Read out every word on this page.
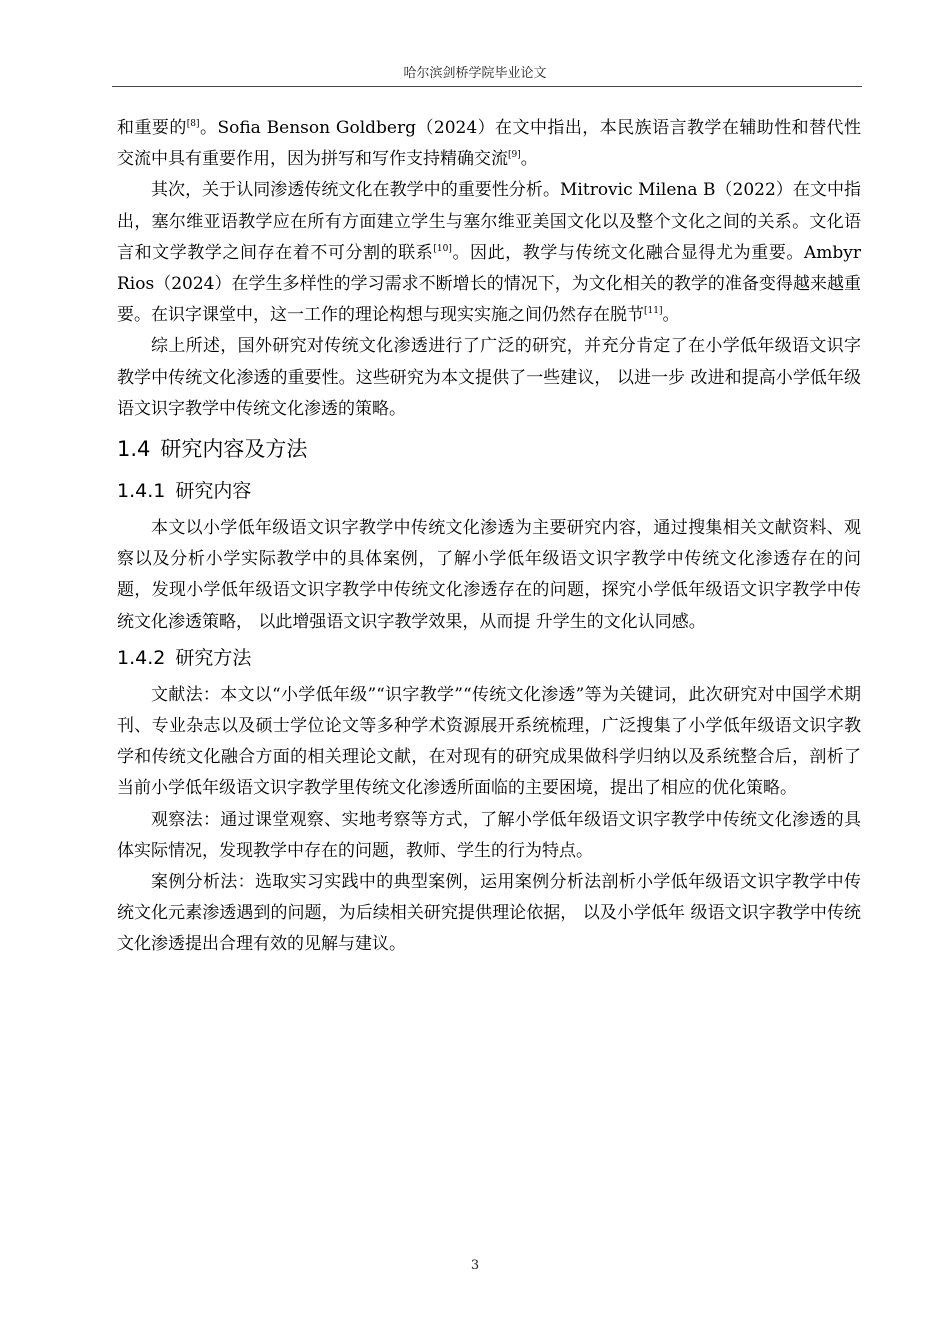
哈尔滨剑桥学院毕业论文

和重要的[8]。Sofia Benson Goldberg（2024）在文中指出，本民族语言教学在辅助性和替代性交流中具有重要作用，因为拼写和写作支持精确交流[9]。

其次，关于认同渗透传统文化在教学中的重要性分析。Mitrovic Milena B（2022）在文中指出，塞尔维亚语教学应在所有方面建立学生与塞尔维亚美国文化以及整个文化之间的关系。文化语言和文学教学之间存在着不可分割的联系[10]。因此，教学与传统文化融合显得尤为重要。Ambyr Rios（2024）在学生多样性的学习需求不断增长的情况下，为文化相关的教学的准备变得越来越重要。在识字课堂中，这一工作的理论构想与现实实施之间仍然存在脱节[11]。

综上所述，国外研究对传统文化渗透进行了广泛的研究，并充分肯定了在小学低年级语文识字教学中传统文化渗透的重要性。这些研究为本文提供了一些建议， 以进一步 改进和提高小学低年级语文识字教学中传统文化渗透的策略。

1.4 研究内容及方法
1.4.1 研究内容

本文以小学低年级语文识字教学中传统文化渗透为主要研究内容，通过搜集相关文献资料、观察以及分析小学实际教学中的具体案例，了解小学低年级语文识字教学中传统文化渗透存在的问题，发现小学低年级语文识字教学中传统文化渗透存在的问题，探究小学低年级语文识字教学中传统文化渗透策略， 以此增强语文识字教学效果，从而提 升学生的文化认同感。

1.4.2 研究方法

文献法：本文以“小学低年级”“识字教学”“传统文化渗透”等为关键词，此次研究对中国学术期刊、专业杂志以及硕士学位论文等多种学术资源展开系统梳理，广泛搜集了小学低年级语文识字教学和传统文化融合方面的相关理论文献，在对现有的研究成果做科学归纳以及系统整合后，剖析了当前小学低年级语文识字教学里传统文化渗透所面临的主要困境，提出了相应的优化策略。

观察法：通过课堂观察、实地考察等方式，了解小学低年级语文识字教学中传统文化渗透的具体实际情况，发现教学中存在的问题，教师、学生的行为特点。

案例分析法：选取实习实践中的典型案例，运用案例分析法剖析小学低年级语文识字教学中传统文化元素渗透遇到的问题，为后续相关研究提供理论依据， 以及小学低年 级语文识字教学中传统文化渗透提出合理有效的见解与建议。

3
